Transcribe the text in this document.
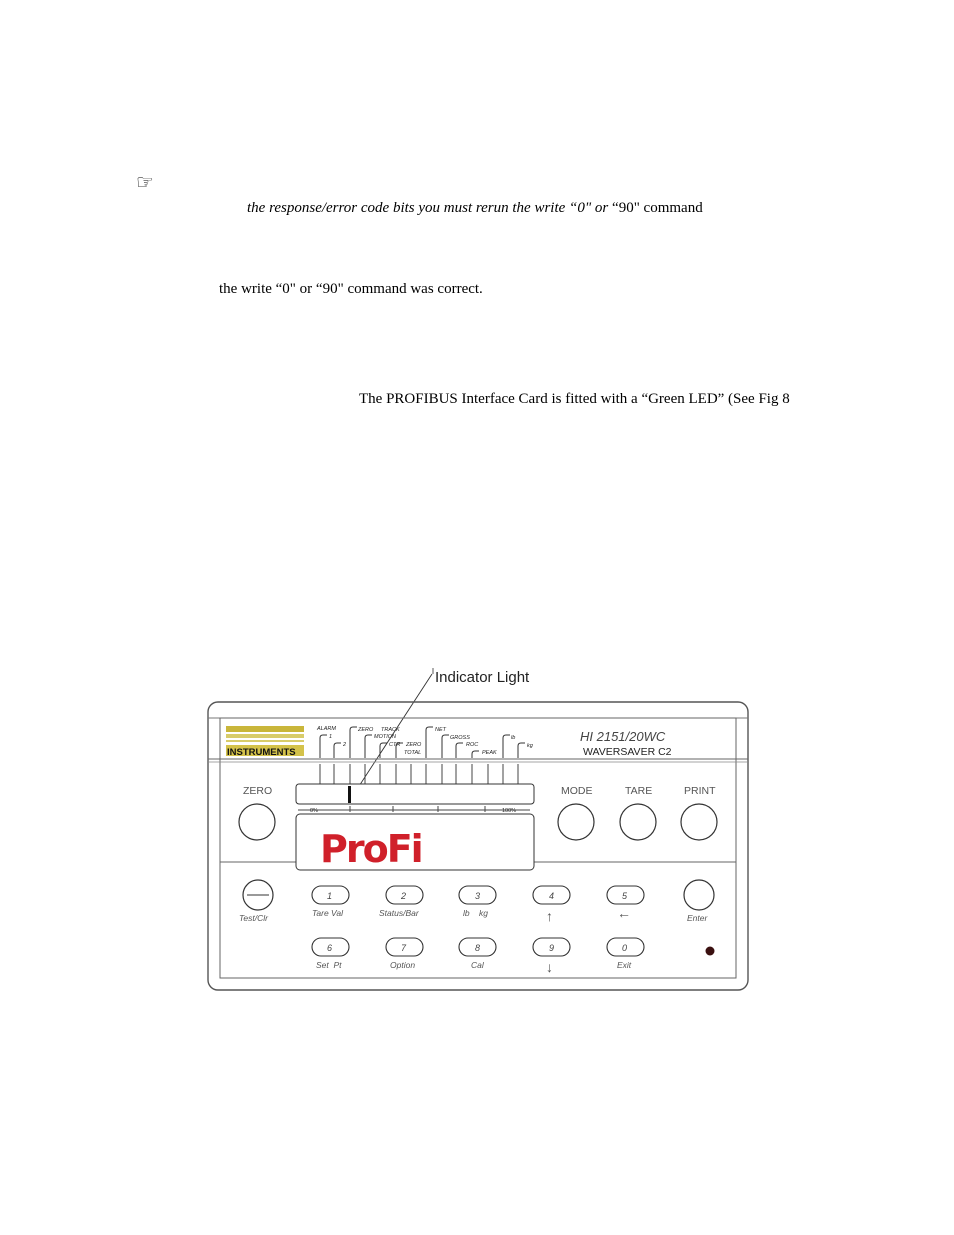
☞
the response/error code bits you must rerun the write “0" or “90" command
the write “0" or “90" command was correct.
The PROFIBUS Interface Card is fitted with a “Green LED” (See Fig 8
Indicator Light
INSTRUMENTS
HI 2151/20WC
WAVERSAVER C2
ALARM
1
2
ZERO TRACK
MOTION
CTR ZERO
TOTAL
NET
GROSS
ROC
PEAK
lb
kg
0%	100%
ProFi
ZERO	MODE	TARE	PRINT
Test/Clr
1
Tare Val
2
Status/Bar
3
lb    kg
4
↑
5
←	Enter
6
Set  Pt
7
Option
8
Cal
9
↓
0
Exit
